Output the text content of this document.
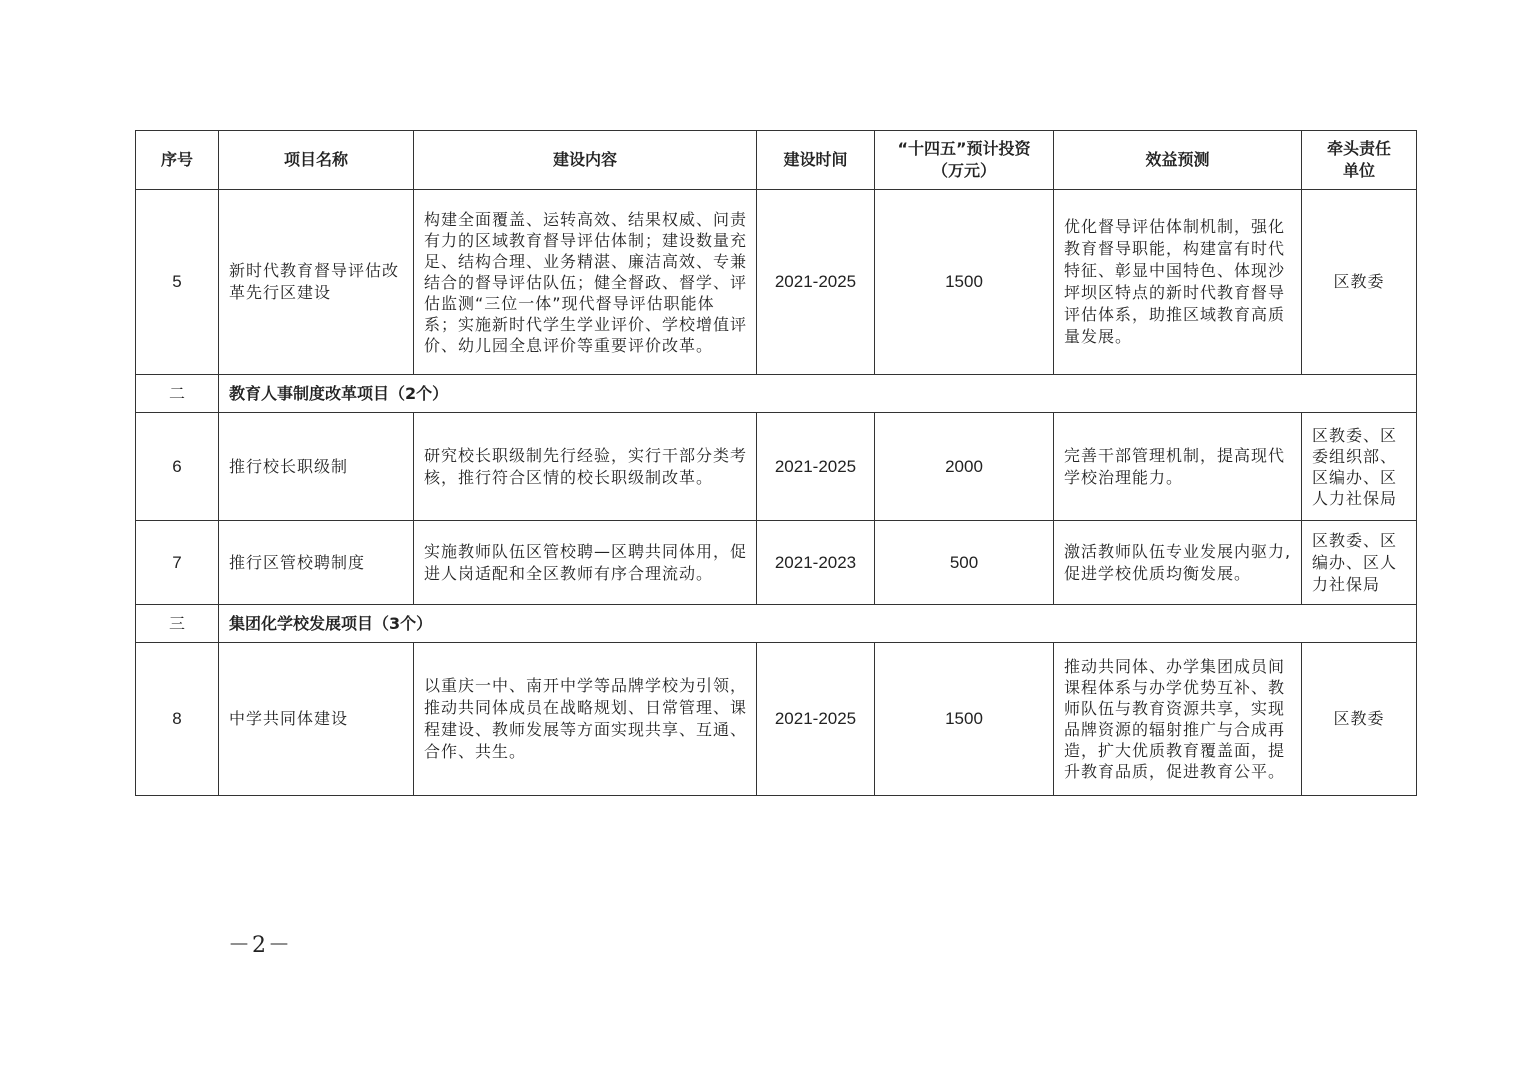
序号	项目名称	建设内容	建设时间	“十四五”预计投资（万元）	效益预测	牵头责任单位
5	新时代教育督导评估改革先行区建设	构建全面覆盖、运转高效、结果权威、问责有力的区域教育督导评估体制；建设数量充足、结构合理、业务精湛、廉洁高效、专兼结合的督导评估队伍；健全督政、督学、评估监测“三位一体”现代督导评估职能体系；实施新时代学生学业评价、学校增值评价、幼儿园全息评价等重要评价改革。	2021-2025	1500	优化督导评估体制机制，强化教育督导职能，构建富有时代特征、彰显中国特色、体现沙坪坝区特点的新时代教育督导评估体系，助推区域教育高质量发展。	区教委
二	教育人事制度改革项目（2个）					
6	推行校长职级制	研究校长职级制先行经验，实行干部分类考核，推行符合区情的校长职级制改革。	2021-2025	2000	完善干部管理机制，提高现代学校治理能力。	区教委、区委组织部、区编办、区人力社保局
7	推行区管校聘制度	实施教师队伍区管校聘—区聘共同体用，促进人岗适配和全区教师有序合理流动。	2021-2023	500	激活教师队伍专业发展内驱力,促进学校优质均衡发展。	区教委、区编办、区人力社保局
三	集团化学校发展项目（3个）					
8	中学共同体建设	以重庆一中、南开中学等品牌学校为引领，推动共同体成员在战略规划、日常管理、课程建设、教师发展等方面实现共享、互通、合作、共生。	2021-2025	1500	推动共同体、办学集团成员间课程体系与办学优势互补、教师队伍与教育资源共享，实现品牌资源的辐射推广与合成再造，扩大优质教育覆盖面，提升教育品质，促进教育公平。	区教委
－2－
